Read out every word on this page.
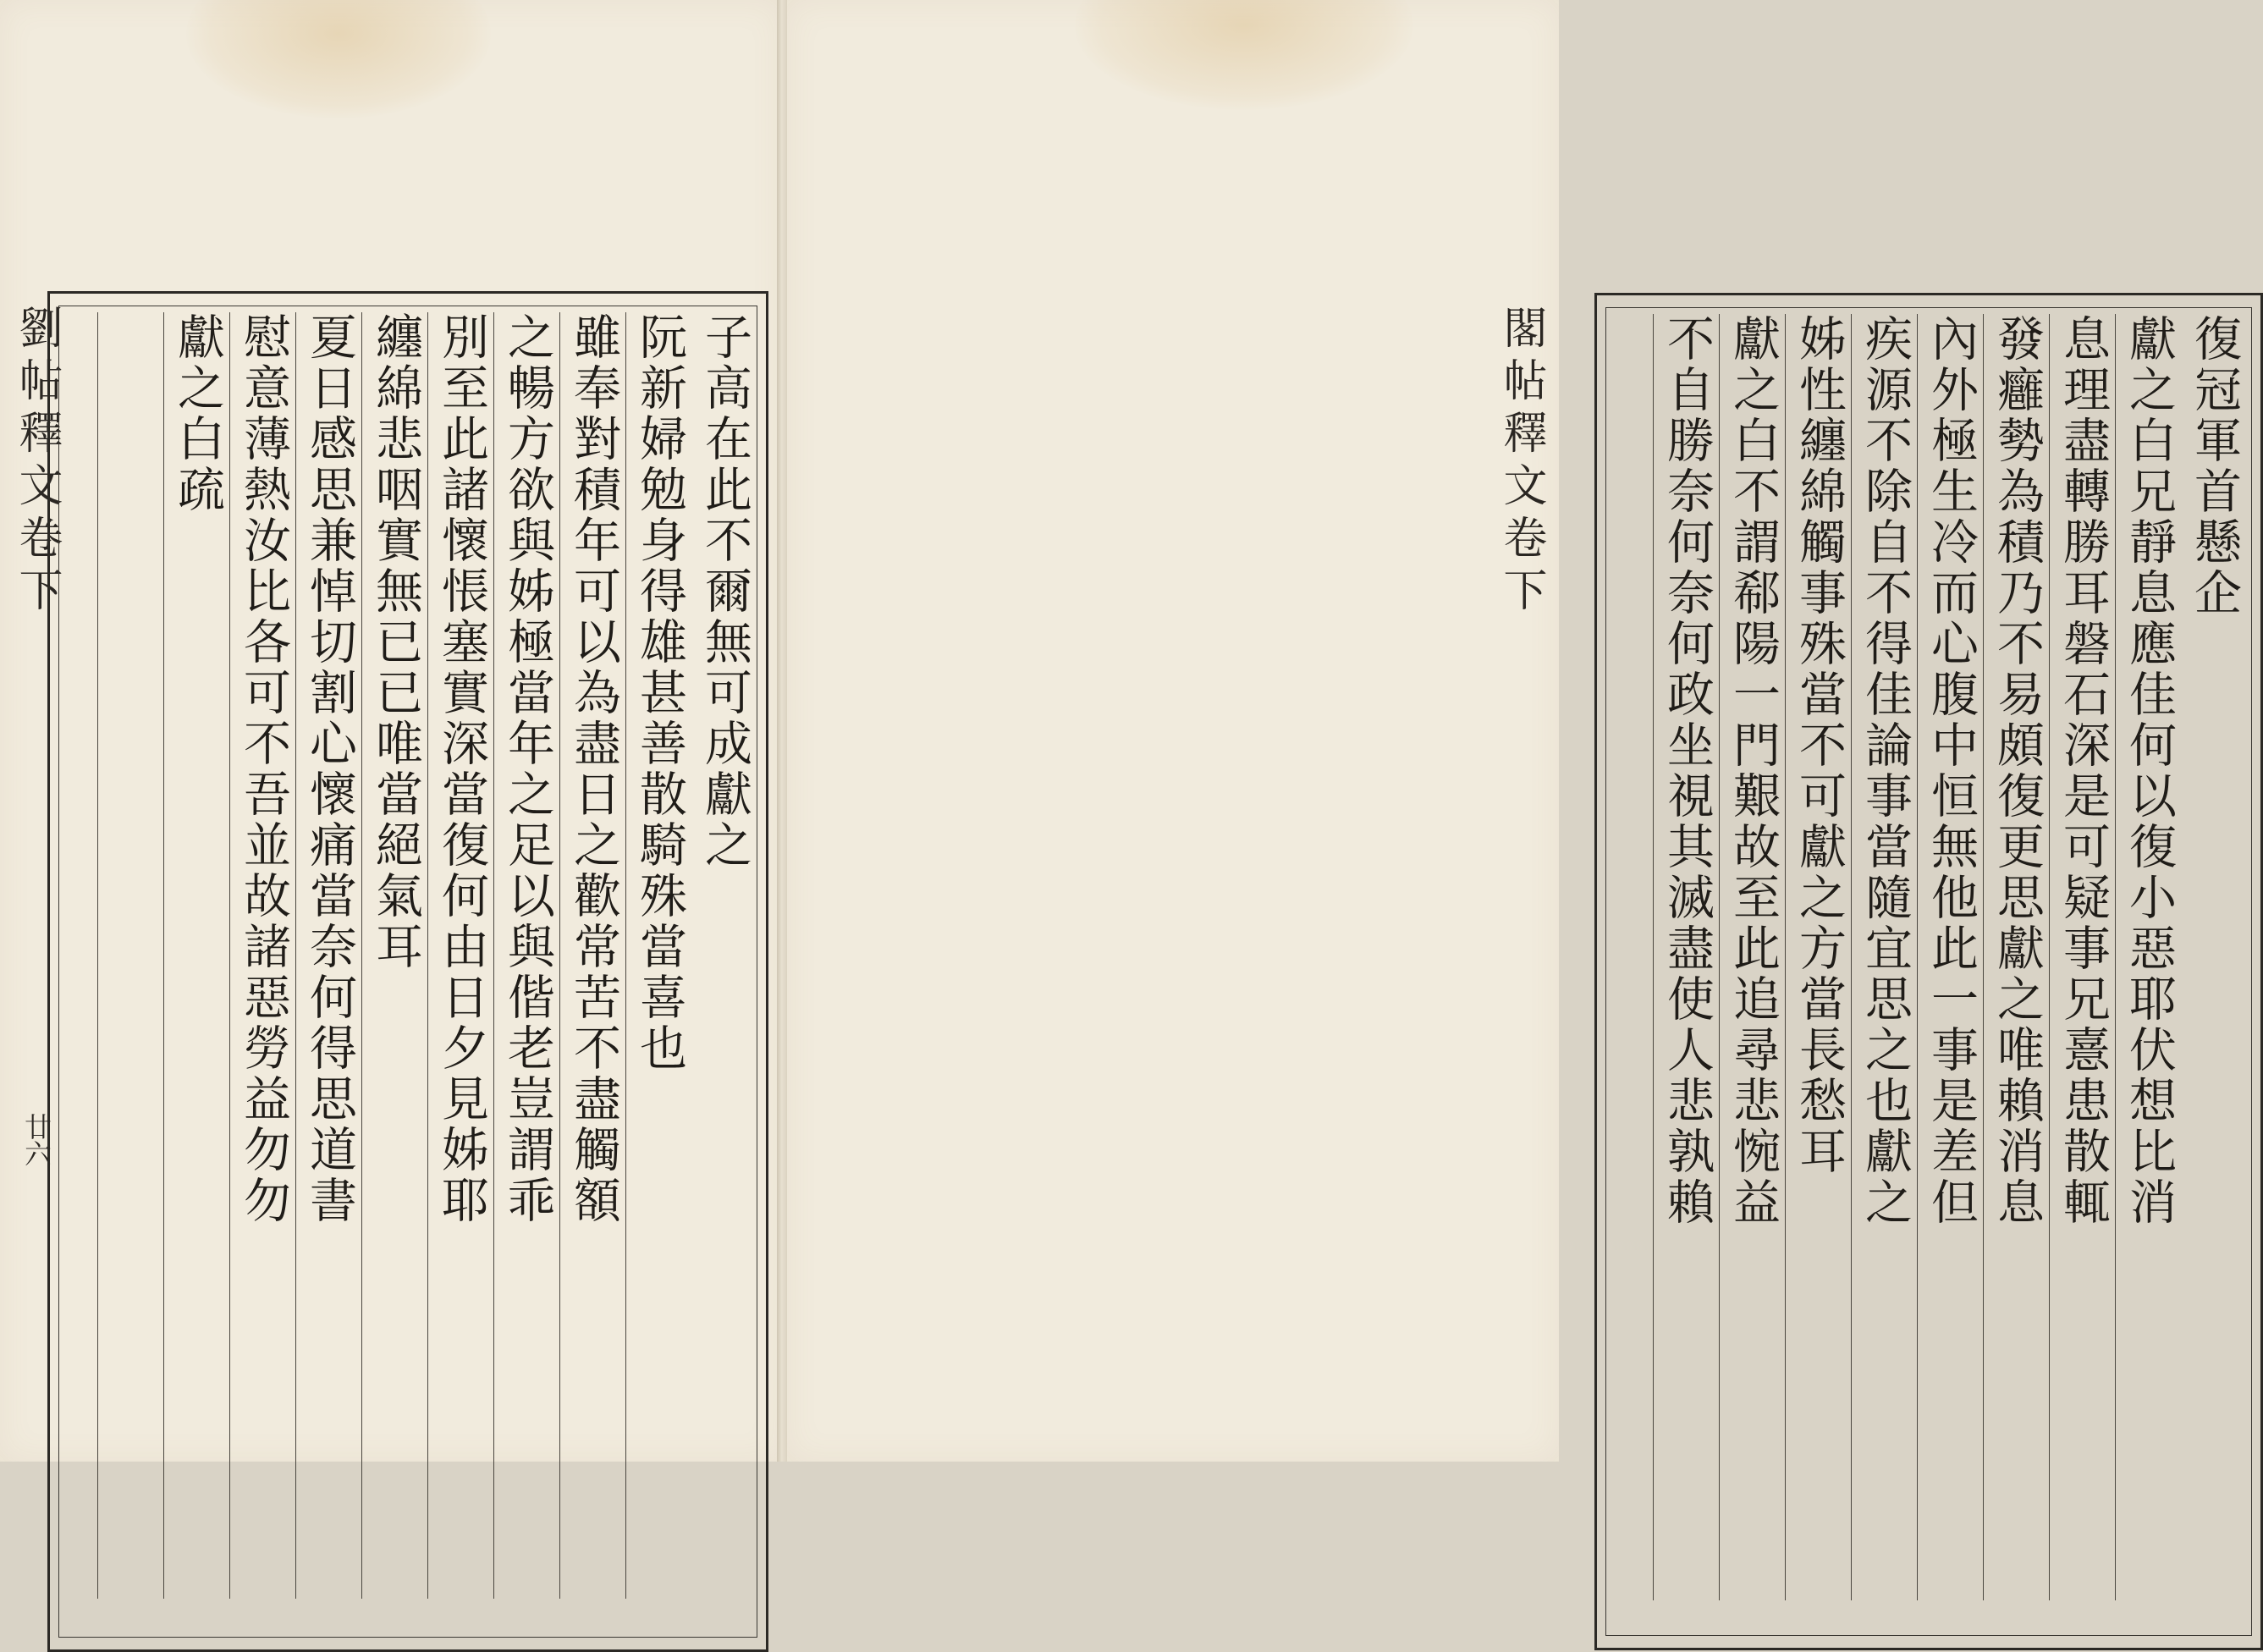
劉帖釋文卷下
廿六
子高在此不爾無可成獻之
阮新婦勉身得雄甚善散騎殊當喜也
雖奉對積年可以為盡日之歡常苦不盡觸額
之暢方欲與姊極當年之足以與偕老豈謂乖
別至此諸懷悵塞實深當復何由日夕見姊耶
纏綿悲咽實無已已唯當絕氣耳
夏日感思兼悼切割心懷痛當奈何得思道書
慰意薄熱汝比各可不吾並故諸惡勞益勿勿
獻之白疏	閣帖釋文卷下	復冠軍首懸企
獻之白兄靜息應佳何以復小惡耶伏想比消
息理盡轉勝耳磐石深是可疑事兄憙患散輒
發癰勢為積乃不易頗復更思獻之唯賴消息
內外極生冷而心腹中恒無他此一事是差但
疾源不除自不得佳論事當隨宜思之也獻之
姊性纏綿觸事殊當不可獻之方當長愁耳
獻之白不謂郗陽一門艱故至此追尋悲惋益
不自勝奈何奈何政坐視其滅盡使人悲孰賴
